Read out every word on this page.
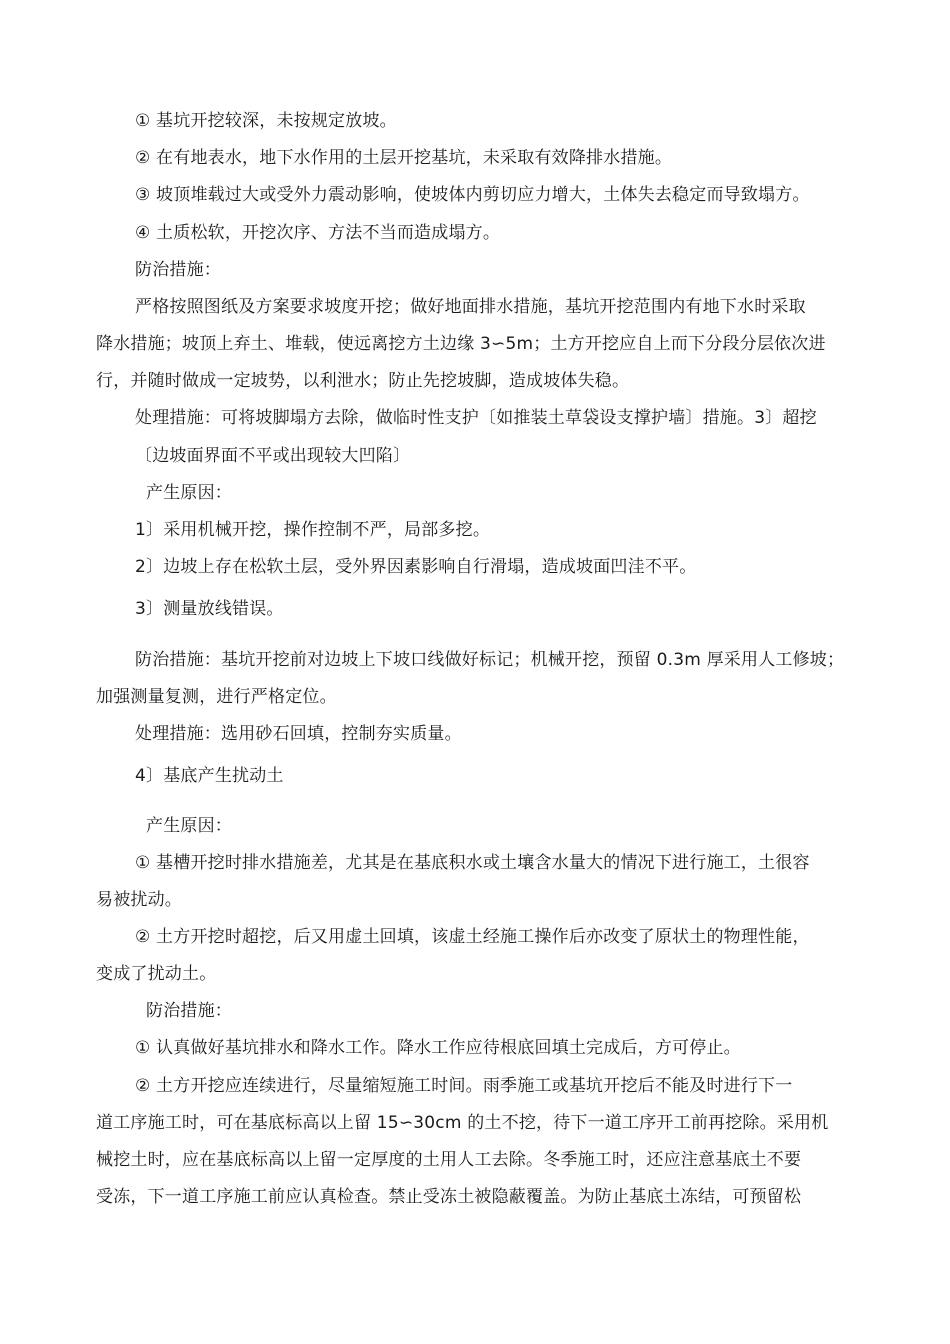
① 基坑开挖较深，未按规定放坡。
② 在有地表水，地下水作用的土层开挖基坑，未采取有效降排水措施。
③ 坡顶堆载过大或受外力震动影响，使坡体内剪切应力增大，土体失去稳定而导致塌方。
④ 土质松软，开挖次序、方法不当而造成塌方。
防治措施：
严格按照图纸及方案要求坡度开挖；做好地面排水措施，基坑开挖范围内有地下水时采取
降水措施；坡顶上弃土、堆载，使远离挖方土边缘 3∽5m；土方开挖应自上而下分段分层依次进
行，并随时做成一定坡势，以利泄水；防止先挖坡脚，造成坡体失稳。
处理措施：可将坡脚塌方去除，做临时性支护〔如推装土草袋设支撑护墙〕措施。3〕超挖
〔边坡面界面不平或出现较大凹陷〕
产生原因：
1〕采用机械开挖，操作控制不严，局部多挖。
2〕边坡上存在松软土层，受外界因素影响自行滑塌，造成坡面凹洼不平。
3〕测量放线错误。
防治措施：基坑开挖前对边坡上下坡口线做好标记；机械开挖，预留 0.3m 厚采用人工修坡；
加强测量复测，进行严格定位。
处理措施：选用砂石回填，控制夯实质量。
4〕基底产生扰动土
产生原因：
① 基槽开挖时排水措施差，尤其是在基底积水或土壤含水量大的情况下进行施工，土很容
易被扰动。
② 土方开挖时超挖，后又用虚土回填，该虚土经施工操作后亦改变了原状土的物理性能，
变成了扰动土。
防治措施：
① 认真做好基坑排水和降水工作。降水工作应待根底回填土完成后，方可停止。
② 土方开挖应连续进行，尽量缩短施工时间。雨季施工或基坑开挖后不能及时进行下一
道工序施工时，可在基底标高以上留 15∽30cm 的土不挖，待下一道工序开工前再挖除。采用机
械挖土时，应在基底标高以上留一定厚度的土用人工去除。冬季施工时，还应注意基底土不要
受冻，下一道工序施工前应认真检查。禁止受冻土被隐蔽覆盖。为防止基底土冻结，可预留松
